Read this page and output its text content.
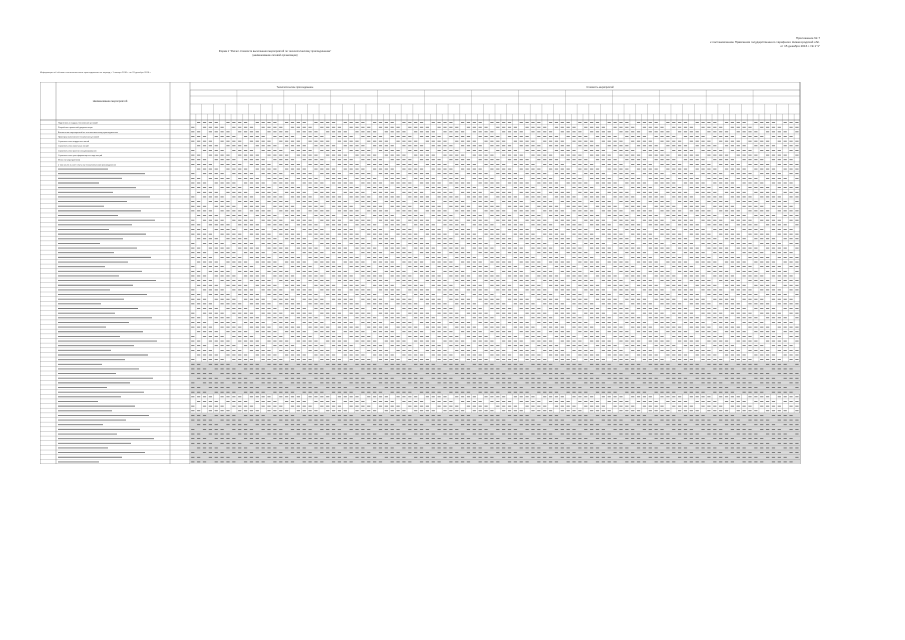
Приложение № 7
к постановлению Правления государственного тарифного Нижегородской обл.
от 15 декабря 2016 г. № 1"1"
Форма 1 "Расчет стоимости выполнения мероприятий по технологическому присоединению"
(наименование сетевой организации)
Информация об объеме технологического присоединения за период с 1 января 2016 г. по 31 декабря 2016 г.
Подготовка и выдача технических условий
Разработка проектной документации
Выполнение мероприятий по технологическому присоединению
Проверка выполнения технических условий
Строительство воздушных линий
Строительство кабельных линий
Строительство пунктов секционирования
Строительство трансформаторных подстанций
Итого по мероприятиям
в том числе за счет платы за технологическое присоединение
Наименование мероприятий
Технологическое присоединение	Стоимость мероприятий
